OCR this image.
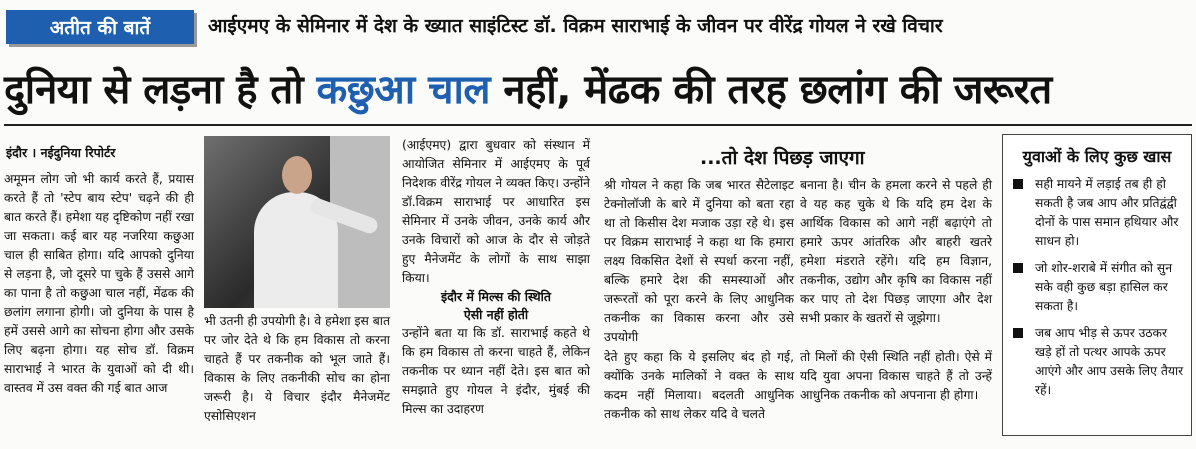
अतीत की बातें	आईएमए के सेमिनार में देश के ख्यात साइंटिस्ट डॉ. विक्रम साराभाई के जीवन पर वीरेंद्र गोयल ने रखे विचार
दुनिया से लड़ना है तो कछुआ चाल नहीं, मेंढक की तरह छलांग की जरूरत
इंदौर । नईदुनिया रिपोर्टर

अमूमन लोग जो भी कार्य करते हैं, प्रयास करते हैं तो 'स्टेप बाय स्टेप' चढ़ने की ही बात करते हैं। हमेशा यह दृष्टिकोण नहीं रखा जा सकता। कई बार यह नजरिया कछुआ चाल ही साबित होगा। यदि आपको दुनिया से लड़ना है, जो दूसरे पा चुके हैं उससे आगे का पाना है तो कछुआ चाल नहीं, मेंढक की छलांग लगाना होगी। जो दुनिया के पास है हमें उससे आगे का सोचना होगा और उसके लिए बढ़ना होगा। यह सोच डॉ. विक्रम साराभाई ने भारत के युवाओं को दी थी। वास्तव में उस वक्त की गई बात आज

भी उतनी ही उपयोगी है। वे हमेशा इस बात पर जोर देते थे कि हम विकास तो करना चाहते हैं पर तकनीक को भूल जाते हैं। विकास के लिए तकनीकी सोच का होना जरूरी है। ये विचार इंदौर मैनेजमेंट एसोसिएशन

(आईएमए) द्वारा बुधवार को संस्थान में आयोजित सेमिनार में आईएमए के पूर्व निदेशक वीरेंद्र गोयल ने व्यक्त किए। उन्होंने डॉ.विक्रम साराभाई पर आधारित इस सेमिनार में उनके जीवन, उनके कार्य और उनके विचारों को आज के दौर से जोड़ते हुए मैनेजमेंट के लोगों के साथ साझा किया।

इंदौर में मिल्स की स्थिति
ऐसी नहीं होती

उन्होंने बता या कि डॉ. साराभाई कहते थे कि हम विकास तो करना चाहते हैं, लेकिन तकनीक पर ध्यान नहीं देते। इस बात को समझाते हुए गोयल ने इंदौर, मुंबई की मिल्स का उदाहरण

...तो देश पिछड़ जाएगा

श्री गोयल ने कहा कि जब भारत सैटेलाइट टेक्नोलॉजी के बारे में दुनिया को बता रहा था तो किसीस देश मजाक उड़ा रहे थे। इस पर विक्रम साराभाई ने कहा था कि हमारा लक्ष्य विकसित देशों से स्पर्धा करना नहीं, बल्कि हमारे देश की समस्याओं और जरूरतों को पूरा करने के लिए आधुनिक तकनीक का विकास करना और उसे उपयोगी

बनाना है। चीन के हमला करने से पहले ही वे यह कह चुके थे कि यदि हम देश के आर्थिक विकास को आगे नहीं बढ़ाएंगे तो हमारे ऊपर आंतरिक और बाहरी खतरे हमेशा मंडराते रहेंगे। यदि हम विज्ञान, तकनीक, उद्योग और कृषि का विकास नहीं कर पाए तो देश पिछड़ जाएगा और देश सभी प्रकार के खतरों से जूझेगा।

देते हुए कहा कि ये इसलिए बंद हो गई, क्योंकि उनके मालिकों ने वक्त के साथ कदम नहीं मिलाया। बदलती आधुनिक तकनीक को साथ लेकर यदि वे चलते

तो मिलों की ऐसी स्थिति नहीं होती। ऐसे में यदि युवा अपना विकास चाहते हैं तो उन्हें आधुनिक तकनीक को अपनाना ही होगा।

युवाओं के लिए कुछ खास
सही मायने में लड़ाई तब ही हो सकती है जब आप और प्रतिद्वंद्वी दोनों के पास समान हथियार और साधन हो।
जो शोर-शराबे में संगीत को सुन सके वही कुछ बड़ा हासिल कर सकता है।
जब आप भीड़ से ऊपर उठकर खड़े हों तो पत्थर आपके ऊपर आएंगे और आप उसके लिए तैयार रहें।
